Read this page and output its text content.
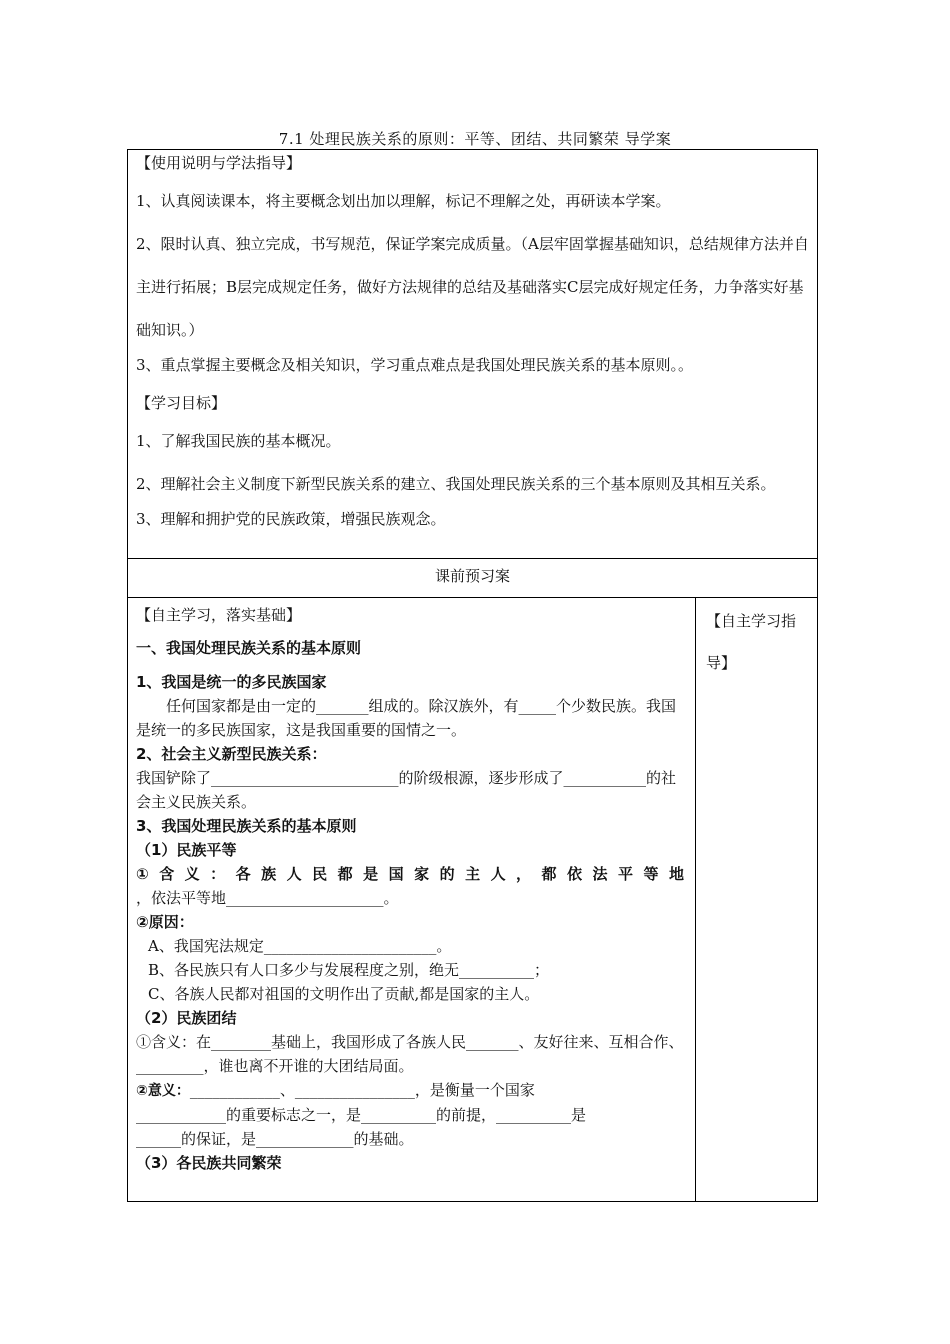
7.1 处理民族关系的原则：平等、团结、共同繁荣 导学案

【使用说明与学法指导】

1、认真阅读课本，将主要概念划出加以理解，标记不理解之处，再研读本学案。

2、限时认真、独立完成，书写规范，保证学案完成质量。（A层牢固掌握基础知识，总结规律方法并自主进行拓展；B层完成规定任务，做好方法规律的总结及基础落实C层完成好规定任务，力争落实好基础知识。）

3、重点掌握主要概念及相关知识，学习重点难点是我国处理民族关系的基本原则。。

【学习目标】

1、了解我国民族的基本概况。

2、理解社会主义制度下新型民族关系的建立、我国处理民族关系的三个基本原则及其相互关系。

3、理解和拥护党的民族政策，增强民族观念。

课前预习案

【自主学习，落实基础】

一、我国处理民族关系的基本原则

1、我国是统一的多民族国家

任何国家都是由一定的_______组成的。除汉族外，有_____个少数民族。我国是统一的多民族国家，这是我国重要的国情之一。

2、社会主义新型民族关系：

我国铲除了_________________________的阶级根源，逐步形成了___________的社会主义民族关系。

3、我国处理民族关系的基本原则

（1）民族平等

①含义：各族人民都是国家的主人，都依法平等地

，依法平等地_____________________。

②原因：

A、我国宪法规定_______________________。

B、各民族只有人口多少与发展程度之别，绝无__________；

C、各族人民都对祖国的文明作出了贡献,都是国家的主人。

（2）民族团结

①含义：在________基础上，我国形成了各族人民_______、友好往来、互相合作、_________，谁也离不开谁的大团结局面。

②意义：____________、________________，是衡量一个国家

____________的重要标志之一，是__________的前提，__________是

______的保证，是_____________的基础。

（3）各民族共同繁荣

【自主学习指导】
